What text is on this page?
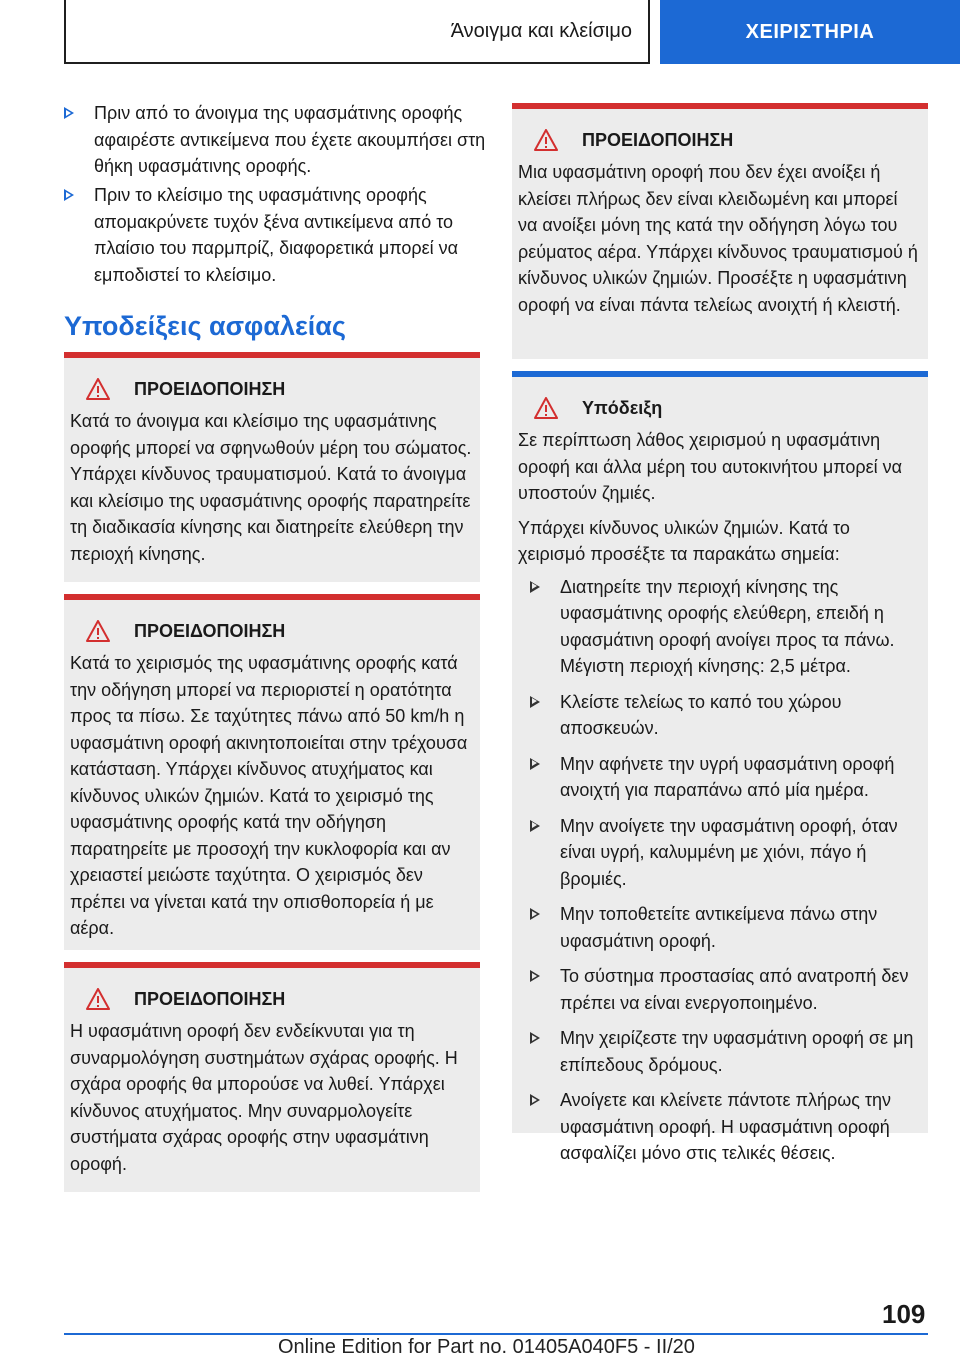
Άνοιγμα και κλείσιμο	ΧΕΙΡΙΣΤΗΡΙΑ
Πριν από το άνοιγμα της υφασμάτινης οροφής αφαιρέστε αντικείμενα που έχετε ακουμπήσει στη θήκη υφασμάτινης οροφής.
Πριν το κλείσιμο της υφασμάτινης οροφής απομακρύνετε τυχόν ξένα αντικείμενα από το πλαίσιο του παρμπρίζ, διαφορετικά μπορεί να εμποδιστεί το κλείσιμο.
Υποδείξεις ασφαλείας
ΠΡΟΕΙΔΟΠΟΙΗΣΗ
Κατά το άνοιγμα και κλείσιμο της υφασμάτινης οροφής μπορεί να σφηνωθούν μέρη του σώματος. Υπάρχει κίνδυνος τραυματισμού. Κατά το άνοιγμα και κλείσιμο της υφασμάτινης οροφής παρατηρείτε τη διαδικασία κίνησης και διατηρείτε ελεύθερη την περιοχή κίνησης.
ΠΡΟΕΙΔΟΠΟΙΗΣΗ
Κατά το χειρισμός της υφασμάτινης οροφής κατά την οδήγηση μπορεί να περιοριστεί η ορατότητα προς τα πίσω. Σε ταχύτητες πάνω από 50 km/h η υφασμάτινη οροφή ακινητοποιείται στην τρέχουσα κατάσταση. Υπάρχει κίνδυνος ατυχήματος και κίνδυνος υλικών ζημιών. Κατά το χειρισμό της υφασμάτινης οροφής κατά την οδήγηση παρατηρείτε με προσοχή την κυκλοφορία και αν χρειαστεί μειώστε ταχύτητα. Ο χειρισμός δεν πρέπει να γίνεται κατά την οπισθοπορεία ή με αέρα.
ΠΡΟΕΙΔΟΠΟΙΗΣΗ
Η υφασμάτινη οροφή δεν ενδείκνυται για τη συναρμολόγηση συστημάτων σχάρας οροφής. Η σχάρα οροφής θα μπορούσε να λυθεί. Υπάρχει κίνδυνος ατυχήματος. Μην συναρμολογείτε συστήματα σχάρας οροφής στην υφασμάτινη οροφή.
ΠΡΟΕΙΔΟΠΟΙΗΣΗ
Μια υφασμάτινη οροφή που δεν έχει ανοίξει ή κλείσει πλήρως δεν είναι κλειδωμένη και μπορεί να ανοίξει μόνη της κατά την οδήγηση λόγω του ρεύματος αέρα. Υπάρχει κίνδυνος τραυματισμού ή κίνδυνος υλικών ζημιών. Προσέξτε η υφασμάτινη οροφή να είναι πάντα τελείως ανοιχτή ή κλειστή.
Υπόδειξη
Σε περίπτωση λάθος χειρισμού η υφασμάτινη οροφή και άλλα μέρη του αυτοκινήτου μπορεί να υποστούν ζημιές.
Υπάρχει κίνδυνος υλικών ζημιών. Κατά το χειρισμό προσέξτε τα παρακάτω σημεία:
Διατηρείτε την περιοχή κίνησης της υφασμάτινης οροφής ελεύθερη, επειδή η υφασμάτινη οροφή ανοίγει προς τα πάνω. Μέγιστη περιοχή κίνησης: 2,5 μέτρα.
Κλείστε τελείως το καπό του χώρου αποσκευών.
Μην αφήνετε την υγρή υφασμάτινη οροφή ανοιχτή για παραπάνω από μία ημέρα.
Μην ανοίγετε την υφασμάτινη οροφή, όταν είναι υγρή, καλυμμένη με χιόνι, πάγο ή βρομιές.
Μην τοποθετείτε αντικείμενα πάνω στην υφασμάτινη οροφή.
Το σύστημα προστασίας από ανατροπή δεν πρέπει να είναι ενεργοποιημένο.
Μην χειρίζεστε την υφασμάτινη οροφή σε μη επίπεδους δρόμους.
Ανοίγετε και κλείνετε πάντοτε πλήρως την υφασμάτινη οροφή. Η υφασμάτινη οροφή ασφαλίζει μόνο στις τελικές θέσεις.
109
Online Edition for Part no. 01405A040F5 - II/20
